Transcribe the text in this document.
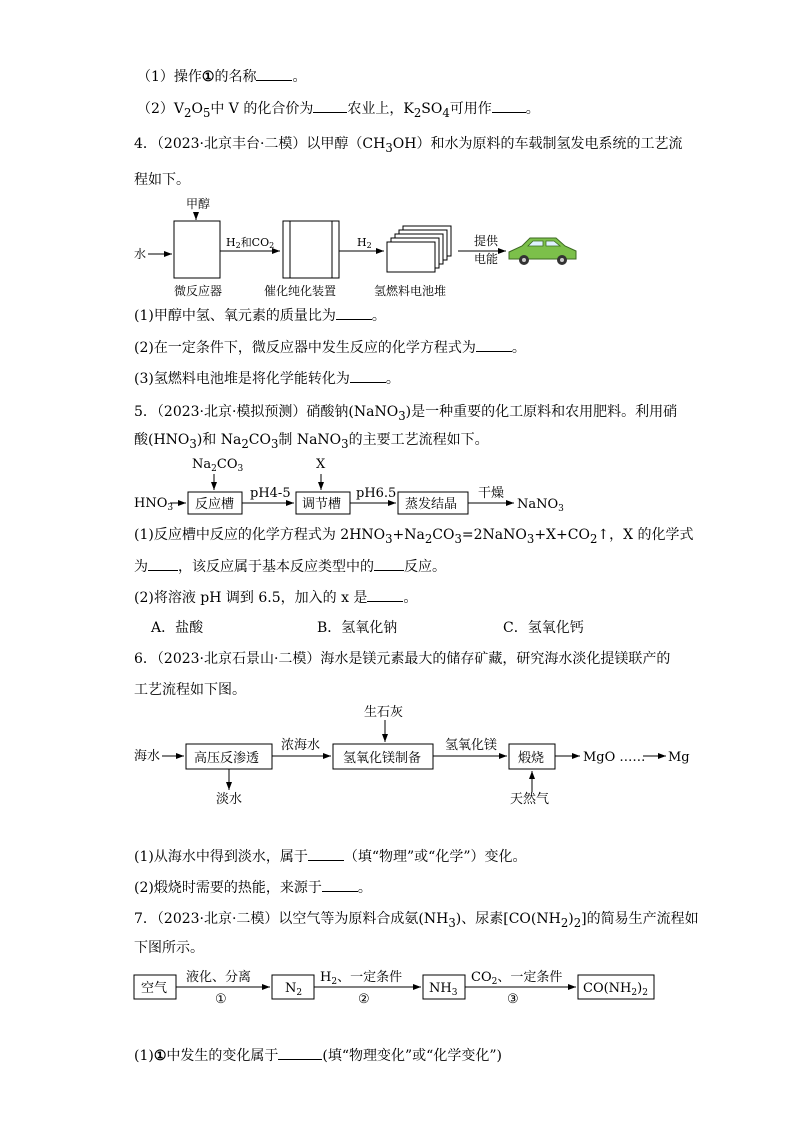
（1）操作①的名称	。
$(2)V_2O_5$中 V 的化合价为 农业上，$K_2SO_4$可用作 。
4．（2023·北京丰台·二模）以甲醇$(CH_3OH)$和水为原料的车载制氢发电系统的工艺流
程如下。
甲醇
水
微反应器
H2和CO2
催化纯化装置
H2
氢燃料电池堆
提供
电能
$Na_2CO_3$	X
$HNO_3$ 反应槽
pH4-5
调节槽
pH6.5
蒸发结晶
干燥
NaNO$_3$
生石灰
海水	高压反渗透
淡水
浓海水
氢氧化镁制备
氢氧化镁
煅烧
天然气
MgO …… Mg
空气
液化、分离
①
$N_2$
$H_2$、一定条件
②
$NH_3$
$CO_2$、一定条件
③
$CO(NH_2)_2$
(1)甲醇中氢、氧元素的质量比为	。
(2)在一定条件下，微反应器中发生反应的化学方程式为	。
(3)氢燃料电池堆是将化学能转化为	。
5．（2023·北京·模拟预测）硝酸钠(NaNO$_3$)是一种重要的化工原料和农用肥料。利用硝
酸$(HNO_3)$和 $Na_2CO_3$制 NaNO$_3$的主要工艺流程如下。
(1)反应槽中反应的化学方程式为 $2HNO_3+Na_2CO_3=2NaNO_3+X+CO_2↑$，X 的化学式
为 ，该反应属于基本反应类型中的 反应。
(2)将溶液 pH 调到 6.5，加入的 x 是	。
A．盐酸	B．氢氧化钠	C．氢氧化钙
6．（2023·北京石景山·二模）海水是镁元素最大的储存矿藏，研究海水淡化提镁联产的
工艺流程如下图。
(1)从海水中得到淡水，属于	（填“物理”或“化学”）变化。
(2)煅烧时需要的热能，来源于	。
7．（2023·北京·二模）以空气等为原料合成氨$(NH_3)$、尿素$[CO(NH_2)_2]$的简易生产流程如
下图所示。
(1)①中发生的变化属于	(填“物理变化”或“化学变化”)
